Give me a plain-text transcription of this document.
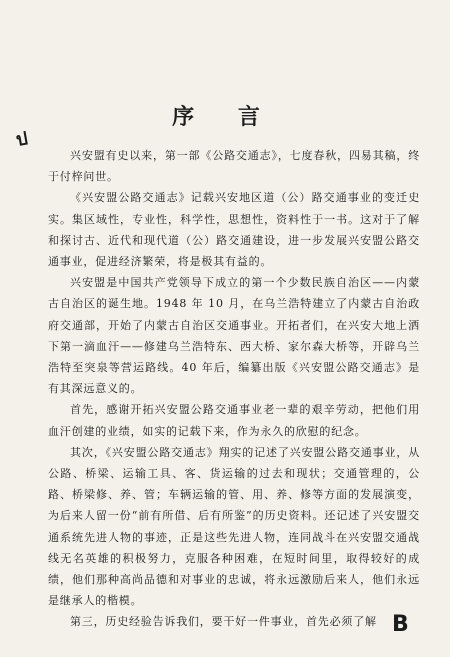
ป
序 言

兴安盟有史以来，第一部《公路交通志》，七度春秋，四易其稿，终于付梓问世。

《兴安盟公路交通志》记载兴安地区道（公）路交通事业的变迁史实。集区域性，专业性，科学性，思想性，资料性于一书。这对于了解和探讨古、近代和现代道（公）路交通建设，进一步发展兴安盟公路交通事业，促进经济繁荣，将是极其有益的。

兴安盟是中国共产党领导下成立的第一个少数民族自治区——内蒙古自治区的诞生地。1948 年 10 月，在乌兰浩特建立了内蒙古自治政府交通部，开始了内蒙古自治区交通事业。开拓者们，在兴安大地上洒下第一滴血汗——修建乌兰浩特东、西大桥、家尔森大桥等，开辟乌兰浩特至突泉等营运路线。40 年后，编纂出版《兴安盟公路交通志》是有其深远意义的。

首先，感谢开拓兴安盟公路交通事业老一辈的艰辛劳动，把他们用血汗创建的业绩，如实的记载下来，作为永久的欣慰的纪念。

其次，《兴安盟公路交通志》翔实的记述了兴安盟公路交通事业，从公路、桥梁、运输工具、客、货运输的过去和现状；交通管理的，公路、桥梁修、养、管；车辆运输的管、用、养、修等方面的发展演变，为后来人留一份“前有所借、后有所鉴”的历史资料。还记述了兴安盟交通系统先进人物的事迹，正是这些先进人物，连同战斗在兴安盟交通战线无名英雄的积极努力，克服各种困难，在短时间里，取得较好的成绩，他们那种高尚品德和对事业的忠诚，将永远激励后来人，他们永远是继承人的楷模。

第三，历史经验告诉我们，要干好一件事业，首先必须了解 B
